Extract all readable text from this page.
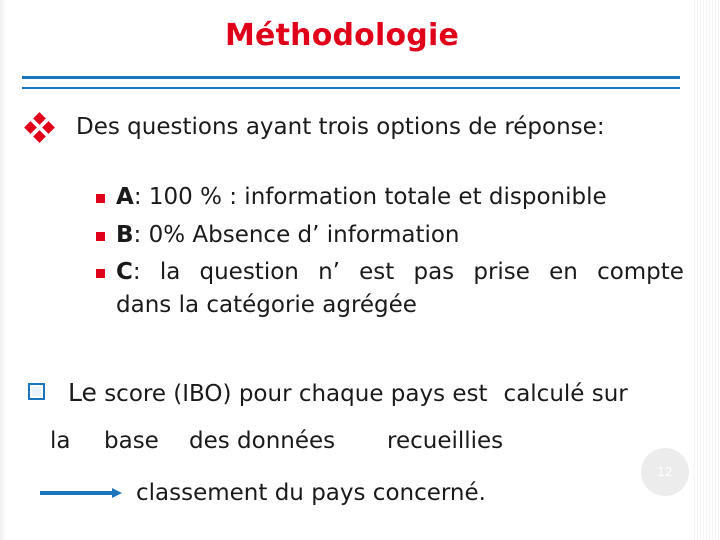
Méthodologie
Des questions ayant trois options de réponse:
A: 100 % : information totale et disponible
B: 0% Absence d’ information
C: la question n’ est pas prise en compte
dans la catégorie agrégée
Le score (IBO) pour chaque pays est calculé sur
la base des données recueillies
classement du pays concerné.
12
